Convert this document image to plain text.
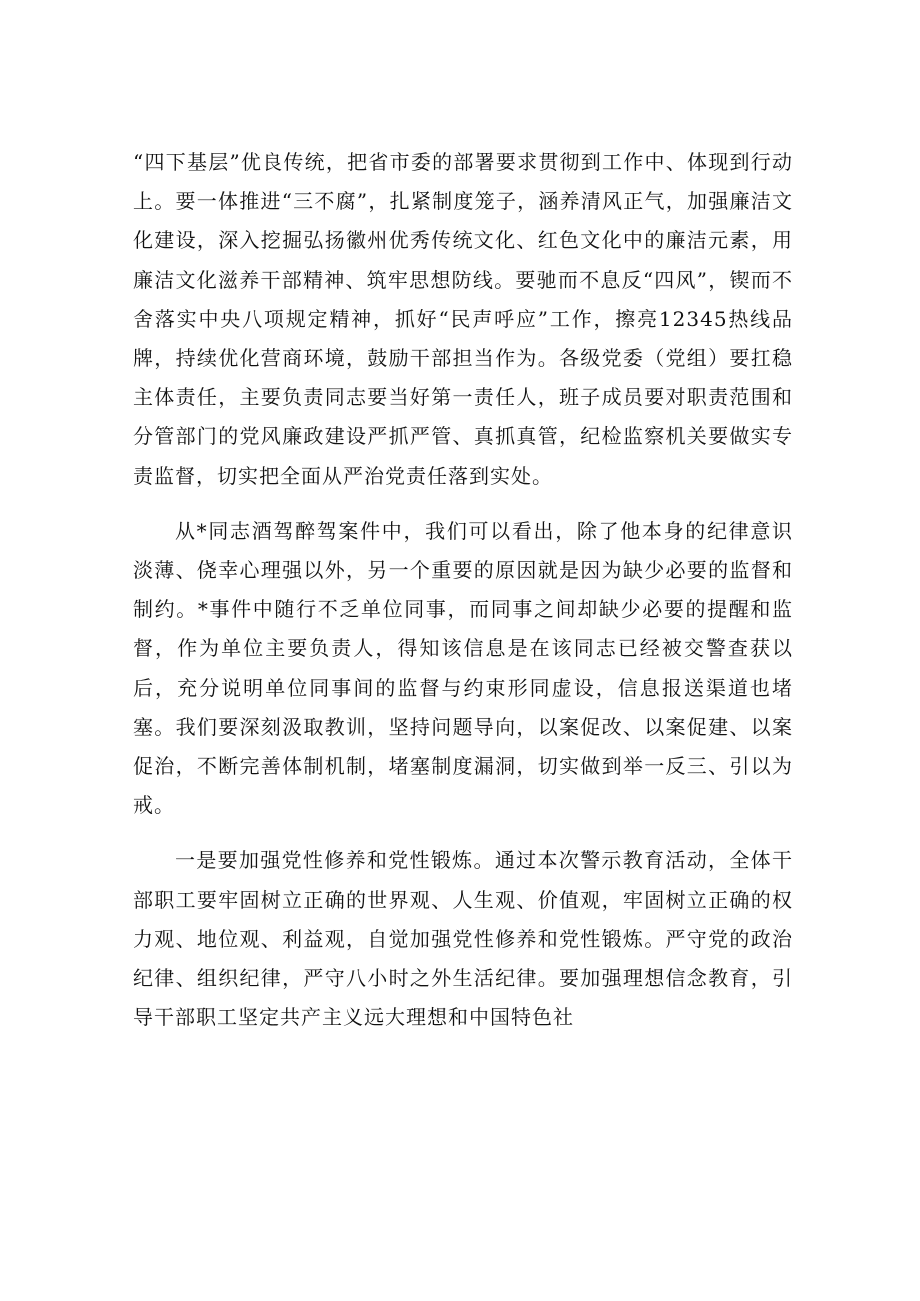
“四下基层”优良传统，把省市委的部署要求贯彻到工作中、体现到行动上。要一体推进“三不腐”，扎紧制度笼子，涵养清风正气，加强廉洁文化建设，深入挖掘弘扬徽州优秀传统文化、红色文化中的廉洁元素，用廉洁文化滋养干部精神、筑牢思想防线。要驰而不息反“四风”，锲而不舍落实中央八项规定精神，抓好“民声呼应”工作，擦亮12345热线品牌，持续优化营商环境，鼓励干部担当作为。各级党委（党组）要扛稳主体责任，主要负责同志要当好第一责任人，班子成员要对职责范围和分管部门的党风廉政建设严抓严管、真抓真管，纪检监察机关要做实专责监督，切实把全面从严治党责任落到实处。

从*同志酒驾醉驾案件中，我们可以看出，除了他本身的纪律意识淡薄、侥幸心理强以外，另一个重要的原因就是因为缺少必要的监督和制约。*事件中随行不乏单位同事，而同事之间却缺少必要的提醒和监督，作为单位主要负责人，得知该信息是在该同志已经被交警查获以后，充分说明单位同事间的监督与约束形同虚设，信息报送渠道也堵塞。我们要深刻汲取教训，坚持问题导向，以案促改、以案促建、以案促治，不断完善体制机制，堵塞制度漏洞，切实做到举一反三、引以为戒。

一是要加强党性修养和党性锻炼。通过本次警示教育活动，全体干部职工要牢固树立正确的世界观、人生观、价值观，牢固树立正确的权力观、地位观、利益观，自觉加强党性修养和党性锻炼。严守党的政治纪律、组织纪律，严守八小时之外生活纪律。要加强理想信念教育，引导干部职工坚定共产主义远大理想和中国特色社
